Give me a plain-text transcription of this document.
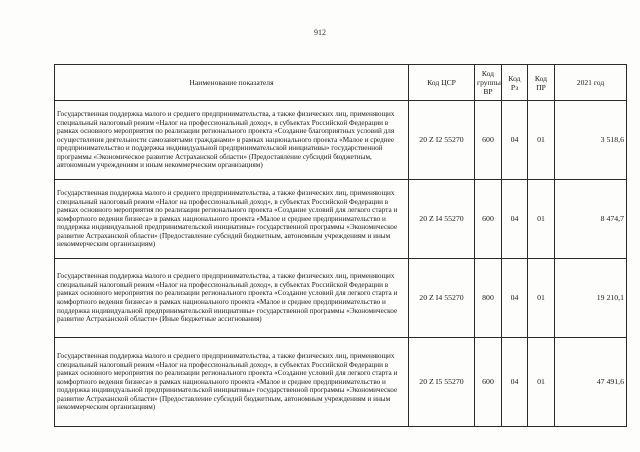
912
Наименование показателя	Код ЦСР	Код группы ВР	Код Рз	Код ПР	2021 год
Государственная поддержка малого и среднего предпринимательства, а также физических лиц, применяющих специальный налоговый режим «Налог на профессиональный доход», в субъектах Российской Федерации в рамках основного мероприятия по реализации регионального проекта «Создание благоприятных условий для осуществления деятельности самозанятыми гражданами» в рамках национального проекта «Малое и среднее предпринимательство и поддержка индивидуальной предпринимательской инициативы» государственной программы «Экономическое развитие Астраханской области» (Предоставление субсидий бюджетным, автономным учреждениям и иным некоммерческим организациям)	20 Z I2 55270	600	04	01	3 518,6
Государственная поддержка малого и среднего предпринимательства, а также физических лиц, применяющих специальный налоговый режим «Налог на профессиональный доход», в субъектах Российской Федерации в рамках основного мероприятия по реализации регионального проекта «Создание условий для легкого старта и комфортного ведения бизнеса» в рамках национального проекта «Малое и среднее предпринимательство и поддержка индивидуальной предпринимательской инициативы» государственной программы «Экономическое развитие Астраханской области» (Предоставление субсидий бюджетным, автономным учреждениям и иным некоммерческим организациям)	20 Z I4 55270	600	04	01	8 474,7
Государственная поддержка малого и среднего предпринимательства, а также физических лиц, применяющих специальный налоговый режим «Налог на профессиональный доход», в субъектах Российской Федерации в рамках основного мероприятия по реализации регионального проекта «Создание условий для легкого старта и комфортного ведения бизнеса» в рамках национального проекта «Малое и среднее предпринимательство и поддержка индивидуальной предпринимательской инициативы» государственной программы «Экономическое развитие Астраханской области» (Иные бюджетные ассигнования)	20 Z I4 55270	800	04	01	19 210,1
Государственная поддержка малого и среднего предпринимательства, а также физических лиц, применяющих специальный налоговый режим «Налог на профессиональный доход», в субъектах Российской Федерации в рамках основного мероприятия по реализации регионального проекта «Создание условий для легкого старта и комфортного ведения бизнеса» в рамках национального проекта «Малое и среднее предпринимательство и поддержка индивидуальной предпринимательской инициативы» государственной программы «Экономическое развитие Астраханской области» (Предоставление субсидий бюджетным, автономным учреждениям и иным некоммерческим организациям)	20 Z I5 55270	600	04	01	47 491,6
